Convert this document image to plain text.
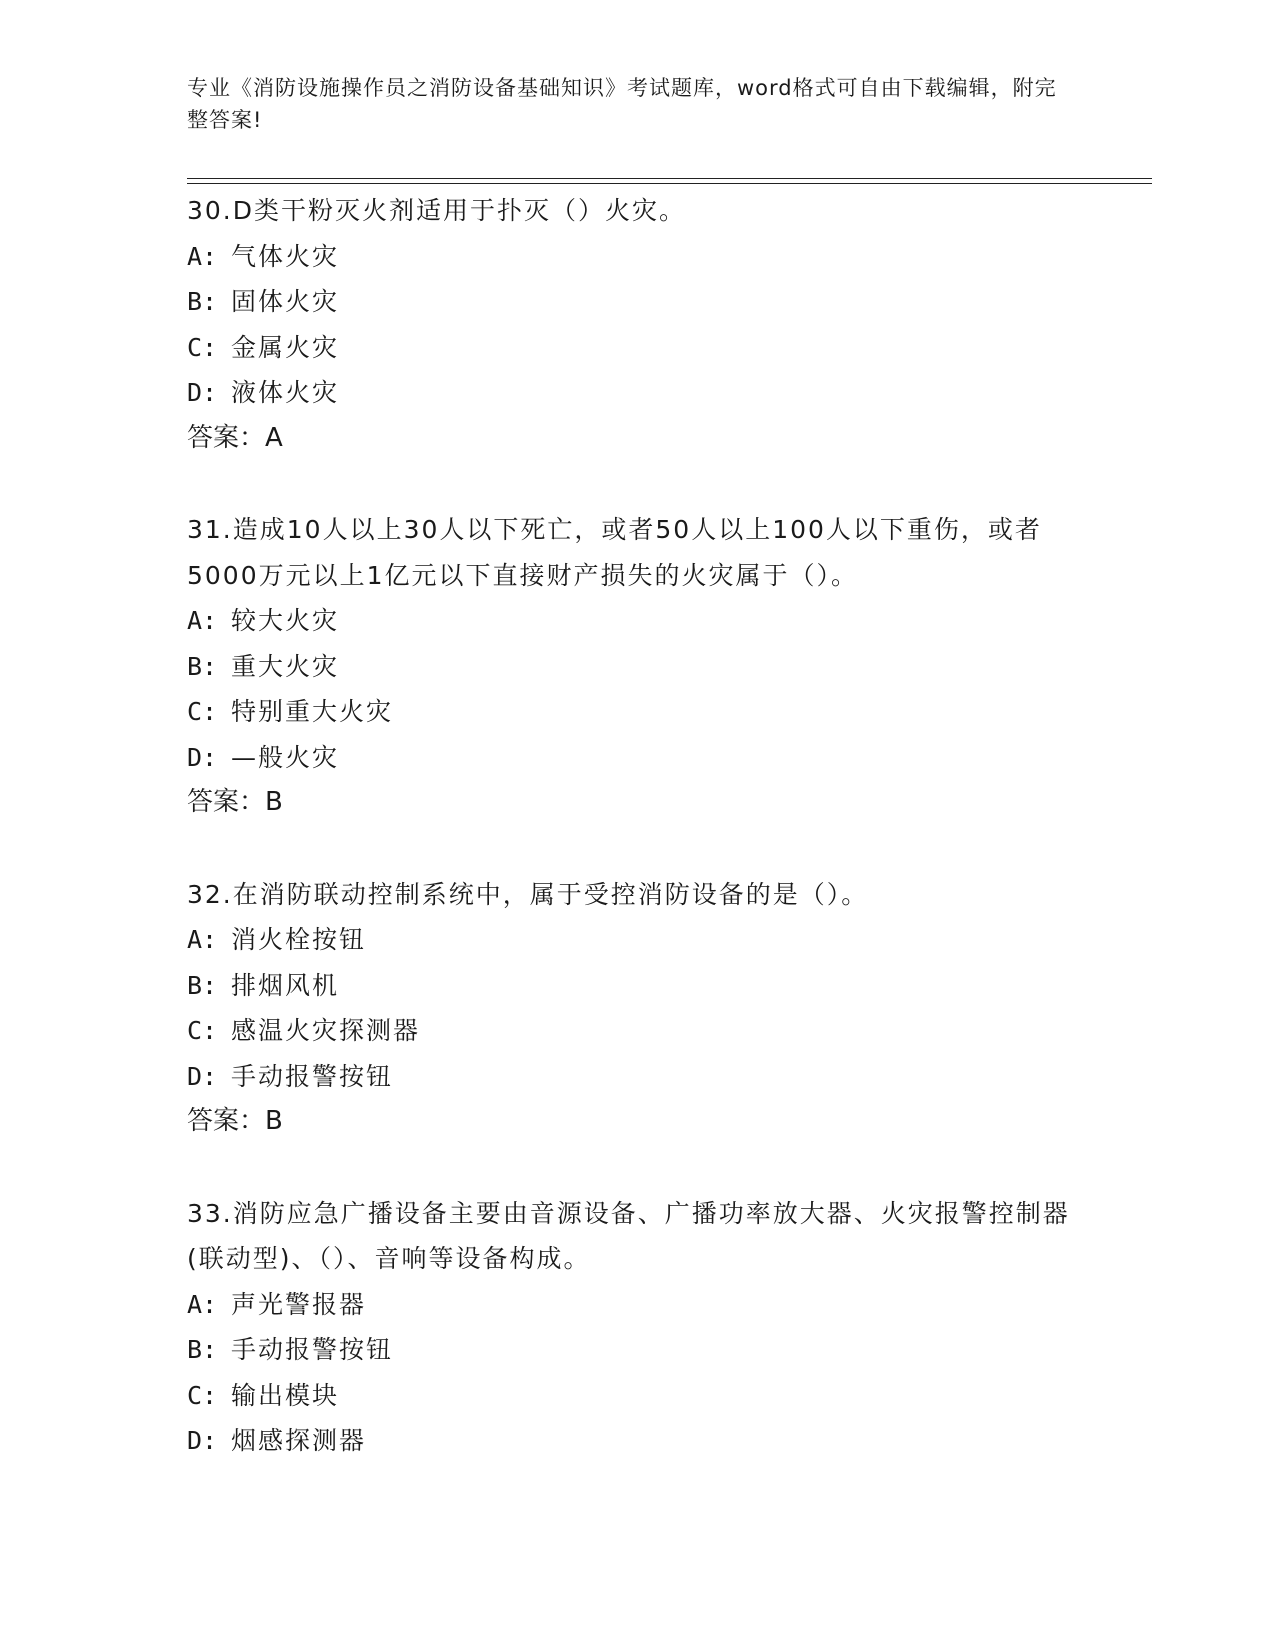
专业《消防设施操作员之消防设备基础知识》考试题库，word格式可自由下载编辑，附完整答案!
30.D类干粉灭火剂适用于扑灭（）火灾。
A: 气体火灾
B: 固体火灾
C: 金属火灾
D: 液体火灾
答案：A
31.造成10人以上30人以下死亡，或者50人以上100人以下重伤，或者5000万元以上1亿元以下直接财产损失的火灾属于（）。
A: 较大火灾
B: 重大火灾
C: 特别重大火灾
D: —般火灾
答案：B
32.在消防联动控制系统中，属于受控消防设备的是（）。
A: 消火栓按钮
B: 排烟风机
C: 感温火灾探测器
D: 手动报警按钮
答案：B
33.消防应急广播设备主要由音源设备、广播功率放大器、火灾报警控制器(联动型)、（）、音响等设备构成。
A: 声光警报器
B: 手动报警按钮
C: 输出模块
D: 烟感探测器
